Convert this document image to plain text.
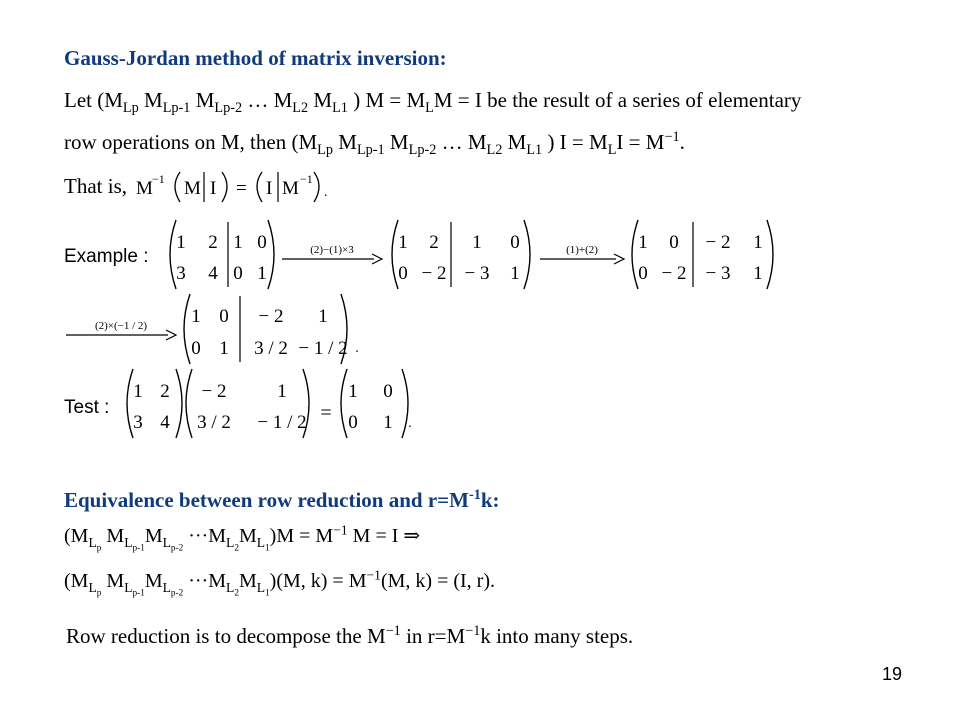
Gauss-Jordan method of matrix inversion:
Let ($M_{Lp}$ $M_{Lp-1}$ $M_{Lp-2}$ … $M_{L2}$ $M_{L1}$ ) $M = M_LM = I$ be the result of a series of elementary
row operations on M, then ($M_{Lp}$ $M_{Lp-1}$ $M_{Lp-2}$ … $M_{L2}$ $M_{L1}$ ) $I = M_LI = M^{-1}$.
That is, M −1 M I = I M −1
.
Example :
1 2 1 0
3 4 0 1
(2)−(1)×3 1 2 1 0
0 − 2 − 3 1
(1)+(2) 1 0 − 2 1
0 − 2 − 3 1
(2)×(−1 / 2) 1 0 − 2 1
0 1 3 / 2 − 1 / 2 .
1 2
3 4
− 2	1
3 / 2 − 1 / 2 =
1 0
0 1 .
Test :
Equivalence between row reduction and $r=M^{-1}k$:
($M_{L_p}$ $M_{L_{p-1}}M_{L_{p-2}} \cdot\cdot\cdot M_{L_2}M_{L_1})M = M^{-1}$ M = I ⇒
($M_{L_p}$ $M_{L_{p-1}}M_{L_{p-2}} \cdot\cdot\cdot M_{L_2}M_{L_1})(M$, $k) = M^{-1}(M$, k) = (I, r).
Row reduction is to decompose the $M^{-1}$ in $r=M^{-1}k$ into many steps.
19
